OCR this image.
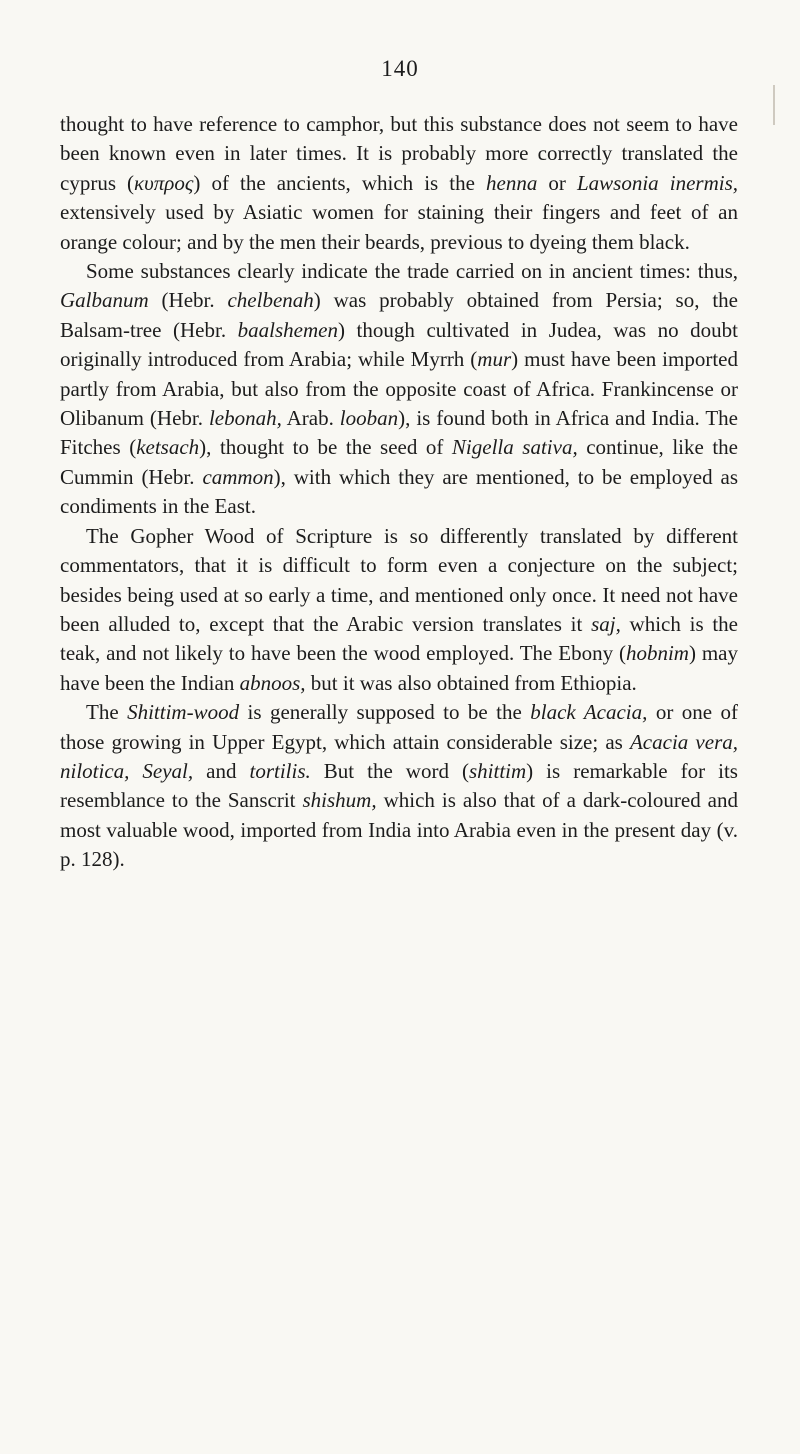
140

thought to have reference to camphor, but this substance does not seem to have been known even in later times. It is probably more correctly translated the cyprus (κυπρος) of the ancients, which is the henna or Lawsonia inermis, extensively used by Asiatic women for staining their fingers and feet of an orange colour; and by the men their beards, previous to dyeing them black.

Some substances clearly indicate the trade carried on in ancient times: thus, Galbanum (Hebr. chelbenah) was probably obtained from Persia; so, the Balsam-tree (Hebr. baalshemen) though cultivated in Judea, was no doubt originally introduced from Arabia; while Myrrh (mur) must have been imported partly from Arabia, but also from the opposite coast of Africa. Frankincense or Olibanum (Hebr. lebonah, Arab. looban), is found both in Africa and India. The Fitches (ketsach), thought to be the seed of Nigella sativa, continue, like the Cummin (Hebr. cammon), with which they are mentioned, to be employed as condiments in the East.

The Gopher Wood of Scripture is so differently translated by different commentators, that it is difficult to form even a conjecture on the subject; besides being used at so early a time, and mentioned only once. It need not have been alluded to, except that the Arabic version translates it saj, which is the teak, and not likely to have been the wood employed. The Ebony (hobnim) may have been the Indian abnoos, but it was also obtained from Ethiopia.

The Shittim-wood is generally supposed to be the black Acacia, or one of those growing in Upper Egypt, which attain considerable size; as Acacia vera, nilotica, Seyal, and tortilis. But the word (shittim) is remarkable for its resemblance to the Sanscrit shishum, which is also that of a dark-coloured and most valuable wood, imported from India into Arabia even in the present day (v. p. 128).
